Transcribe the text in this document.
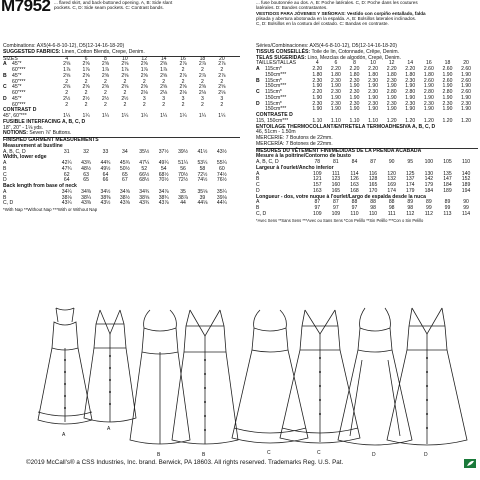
M7952 ... flared skirt, and back-buttoned opening. A, B: Side slant
pockets. C, D: Side seam pockets. C: Contrast bands.
... fuse boutonnée au dos. A, B: Poche latérales. C, D: Poche dans les coutures
latérales. D: Bandes contrastantes.
VESTIDOS PARA JÓVENES Y SEÑORAS: Vestido con corpiño entallado, falda
plisada y abertura abotonada en la espalda. A, B: Bolsillos laterales inclinados.
C, D: Bolsillos en la costura del costado. C: Bandas en contraste.
Combinations: AX5(4-6-8-10-12), D5(12-14-16-18-20)
SUGGESTED FABRICS:
Linen, Cotton Blends, Crepe, Denim.
SIZES	4	6	8	10	12	14	16	18	20
A 45"*	2⅝	2⅝	2⅝	2⅝	2⅝	2⅝	2⅞	2⅞	2⅞
60"***	1⅞	1⅞	1⅞	1⅞	1⅞	1⅞	2	2	2
B 45"*	2⅝	2⅝	2⅝	2⅝	2⅝	2⅝	2⅞	2⅞	2⅞
60"***	2	2	2	2	2	2	2	2	2
C 45"*	2⅝	2⅝	2⅝	2⅝	2⅝	2⅝	2⅝	2⅝	2⅝
60"***	2	2	2	2	2⅛	2⅛	2⅛	2⅛	2⅛
D 45"*	2½	2½	2½	2½	3	3	3	3	3
60"***	2	2	2	2	2	2	2	2	2
CONTRAST D
45", 60"***	1¼	1¼	1¼	1¼	1¼	1¼	1¼	1¼	1¼
FUSIBLE INTERFACING A, B, C, D
18", 20" - 1⅛ yds.
NOTIONS:
Seven ⅞" Buttons.
FINISHED GARMENT MEASUREMENTS
Measurement at bustline
A, B, C, D	31	32	33	34	35½	37½	39½	41½	43½
Width, lower edge
A	42¼	43¾	44¾	45¾	47¼	49¼	51¼	53¼	55¼
B	47¾	48½	49½	50½	52	54	56	58	60
C	62	63	64	65	66½	68½	70½	72½	74½
D	64	65	66	67	68½	70½	72½	74½	76½
Back length from base of neck
A	34¼	34⅜	34½	34⅝	34¾	34⅞	35	35⅛	35¼
B	38⅛	38¼	38⅜	38½	38⅝	38¾	38⅞	39	39⅛
C, D	43¼	43⅜	43½	43⅝	43¾	43⅞	44	44⅛	44¼
*With Nap **Without Nap ***With or Without Nap
Séries/Combinaciones: AX5(4-6-8-10-12), D5(12-14-16-18-20)
TISSUS CONSEILLÉS:
Toile de lin, Cotonnade, Crêpe, Denim.
TELAS SUGERIDAS:
Lino, Mezclas de algodón, Crepé, Denim.
TAILLES/TALLAS	4	6	8	10	12	14	16	18	20
A 115cm*	2.20	2.20	2.20	2.20	2.20	2.20	2.60	2.60	2.60
150cm***	1.80	1.80	1.80	1.80	1.80	1.80	1.80	1.90	1.90
B 115cm*	2.30	2.30	2.30	2.30	2.30	2.30	2.60	2.60	2.60
150cm***	1.90	1.90	1.90	1.90	1.90	1.90	1.90	1.90	1.90
C 115cm*	2.20	2.30	2.30	2.30	2.80	2.80	2.80	2.80	2.60
150cm***	1.90	1.90	1.90	1.90	1.90	1.90	1.90	1.90	1.90
D 115cm*	2.30	2.30	2.30	2.30	2.30	2.30	2.30	2.30	2.30
150cm***	1.90	1.90	1.90	1.90	1.90	1.90	1.90	1.90	1.90
CONTRASTE D
115, 150cm***	1.10	1.10	1.10	1.10	1.20	1.20	1.20	1.20	1.20
ENTOILAGE THERMOCOLLANT/ENTRETELA TERMOADHESIVA A, B, C, D
46, 51cm - 1.50m
MERCERIE: 7 Boutons de 22mm.
MERCERÍA: 7 Botones de 22mm.
MESURES DU VÊTEMENT FINI/MEDIDAS DE LA PRENDA ACABADA
Mesure à la poitrine/Contorno de busto
A, B, C, D	78	81	84	87	90	95	100	105	110
Largeur à l'ourlet/Ancho inferior
A	109	111	114	116	120	125	130	135	140
B	121	123	126	128	132	137	142	147	152
C	157	160	163	165	169	174	179	184	189
D	163	165	168	170	174	179	184	189	194
Longueur - dos, votre nuque à l'ourlet/Largo de espalda desde la nuca
A	87	87	88	88	88	89	89	89	90
B	97	97	97	98	98	98	99	99	99
C, D	109	109	110	110	111	112	112	113	114
*Avec Sens **Sans Sens ***Avec ou Sans Sens *Con Pelillo **Sin Pelillo ***Con o Sin Pelillo
A
A
B	B	C	C	D	D
©2019 McCall's® a CSS Industries, Inc. brand. Berwick, PA 18603. All rights reserved. Trademarks Reg. U.S. Pat.
